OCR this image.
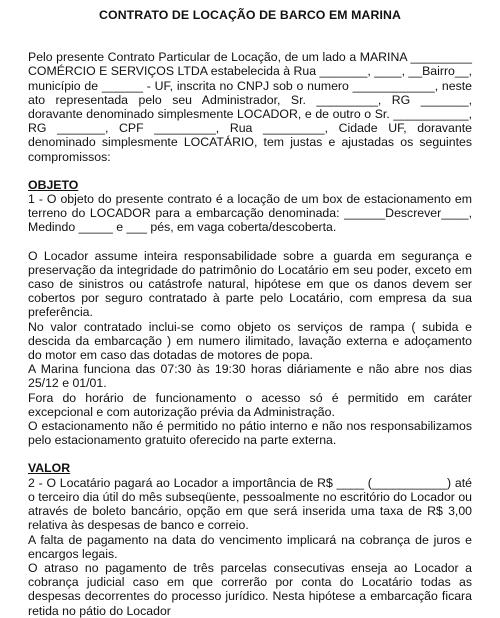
CONTRATO DE LOCAÇÃO DE BARCO EM MARINA

Pelo presente Contrato Particular de Locação, de um lado a MARINA _________ COMÉRCIO E SERVIÇOS LTDA estabelecida à Rua _______, ____, __Bairro__, município de ______ - UF, inscrita no CNPJ sob o numero ____________, neste ato representada pelo seu Administrador, Sr. _________, RG _______, doravante denominado simplesmente LOCADOR, e de outro o Sr. ___________, RG _______, CPF _________, Rua _________, Cidade UF, doravante denominado simplesmente LOCATÁRIO, tem justas e ajustadas os seguintes compromissos:

OBJETO

1 - O objeto do presente contrato é a locação de um box de estacionamento em terreno do LOCADOR para a embarcação denominada: ______Descrever____, Medindo _____ e ___ pés, em vaga coberta/descoberta.

O Locador assume inteira responsabilidade sobre a guarda em segurança e preservação da integridade do patrimônio do Locatário em seu poder, exceto em caso de sinistros ou catástrofe natural, hipótese em que os danos devem ser cobertos por seguro contratado à parte pelo Locatário, com empresa da sua preferência.

No valor contratado inclui-se como objeto os serviços de rampa ( subida e descida da embarcação ) em numero ilimitado, lavação externa e adoçamento do motor em caso das dotadas de motores de popa.

A Marina funciona das 07:30 às 19:30 horas diáriamente e não abre nos dias 25/12 e 01/01.

Fora do horário de funcionamento o acesso só é permitido em caráter excepcional e com autorização prévia da Administração.

O estacionamento não é permitido no pátio interno e não nos responsabilizamos pelo estacionamento gratuito oferecido na parte externa.

VALOR

2 - O Locatário pagará ao Locador a importância de R$ ____ (___________) até o terceiro dia útil do mês subseqüente, pessoalmente no escritório do Locador ou através de boleto bancário, opção em que será inserida uma taxa de R$ 3,00 relativa às despesas de banco e correio.

A falta de pagamento na data do vencimento implicará na cobrança de juros e encargos legais.

O atraso no pagamento de três parcelas consecutivas enseja ao Locador a cobrança judicial caso em que correrão por conta do Locatário todas as despesas decorrentes do processo jurídico. Nesta hipótese a embarcação ficara retida no pátio do Locador
